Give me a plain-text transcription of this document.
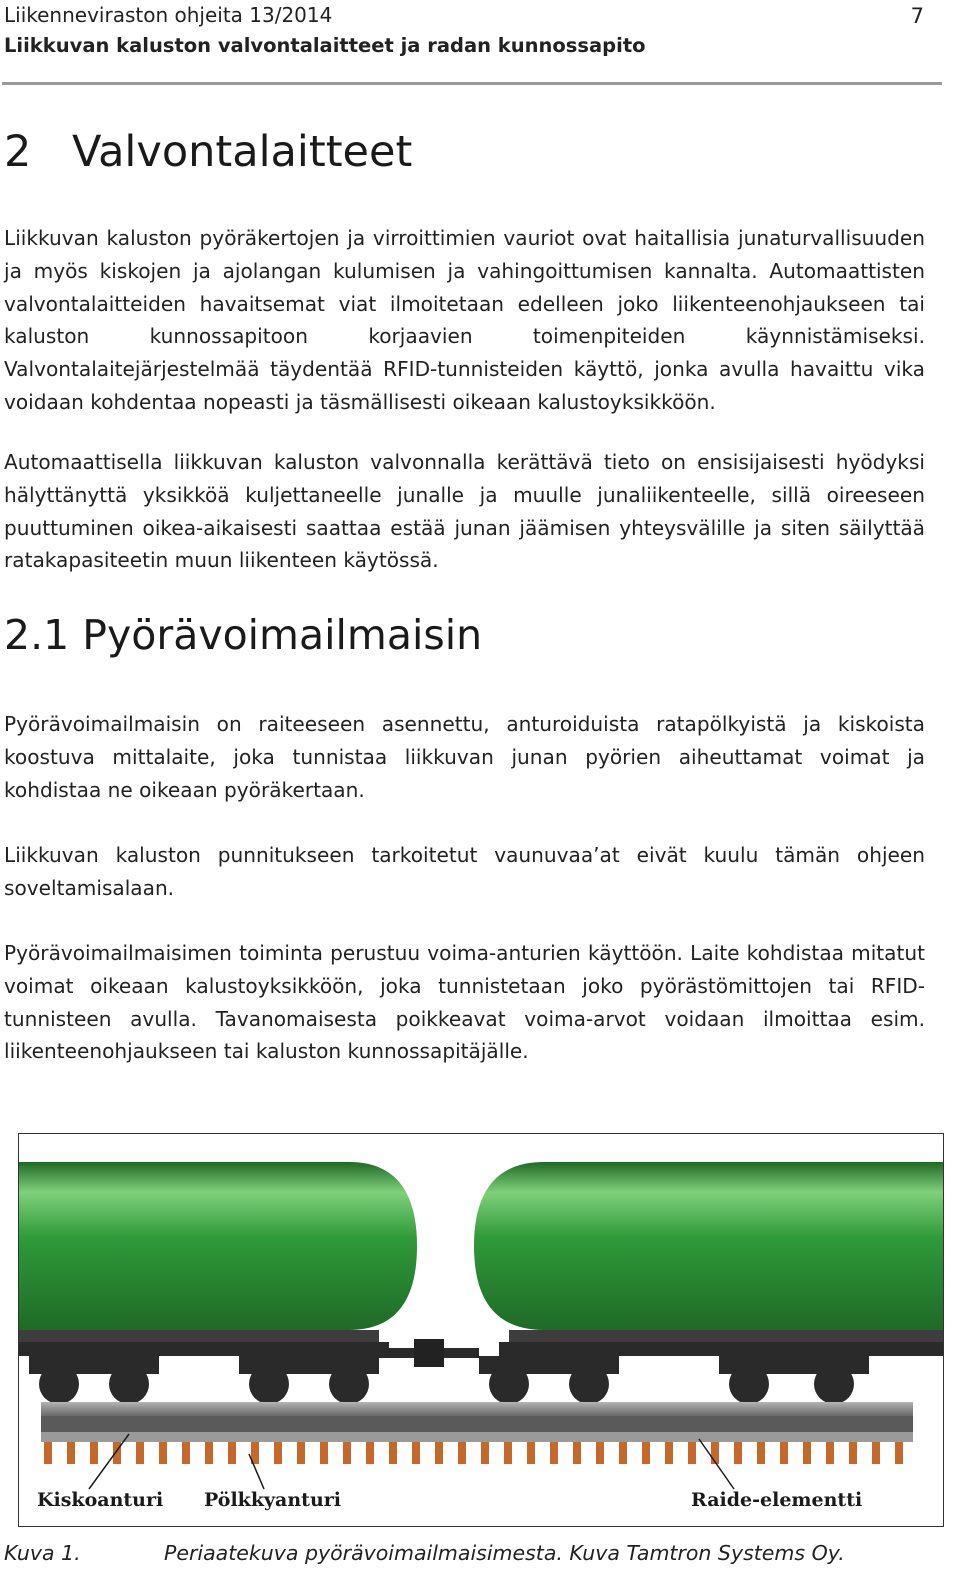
Liikenneviraston ohjeita 13/2014
Liikkuvan kaluston valvontalaitteet ja radan kunnossapito
7
2 Valvontalaitteet

Liikkuvan kaluston pyöräkertojen ja virroittimien vauriot ovat haitallisia junaturvallisuuden ja myös kiskojen ja ajolangan kulumisen ja vahingoittumisen kannalta. Automaattisten valvontalaitteiden havaitsemat viat ilmoitetaan edelleen joko liikenteenohjaukseen tai kaluston kunnossapitoon korjaavien toimenpiteiden käynnistämiseksi. Valvontalaitejärjestelmää täydentää RFID-tunnisteiden käyttö, jonka avulla havaittu vika voidaan kohdentaa nopeasti ja täsmällisesti oikeaan kalustoyksikköön.

Automaattisella liikkuvan kaluston valvonnalla kerättävä tieto on ensisijaisesti hyödyksi hälyttänyttä yksikköä kuljettaneelle junalle ja muulle junaliikenteelle, sillä oireeseen puuttuminen oikea-aikaisesti saattaa estää junan jäämisen yhteysvälille ja siten säilyttää ratakapasiteetin muun liikenteen käytössä.

2.1 Pyörävoimailmaisin

Pyörävoimailmaisin on raiteeseen asennettu, anturoiduista ratapölkyistä ja kiskoista koostuva mittalaite, joka tunnistaa liikkuvan junan pyörien aiheuttamat voimat ja kohdistaa ne oikeaan pyöräkertaan.

Liikkuvan kaluston punnitukseen tarkoitetut vaunuvaa’at eivät kuulu tämän ohjeen soveltamisalaan.

Pyörävoimailmaisimen toiminta perustuu voima-anturien käyttöön. Laite kohdistaa mitatut voimat oikeaan kalustoyksikköön, joka tunnistetaan joko pyörästömittojen tai RFID-tunnisteen avulla. Tavanomaisesta poikkeavat voima-arvot voidaan ilmoittaa esim. liikenteenohjaukseen tai kaluston kunnossapitäjälle.

Kiskoanturi Pölkkyanturi	Raide-elementti
Kuva 1.	Periaatekuva pyörävoimailmaisimesta. Kuva Tamtron Systems Oy.
